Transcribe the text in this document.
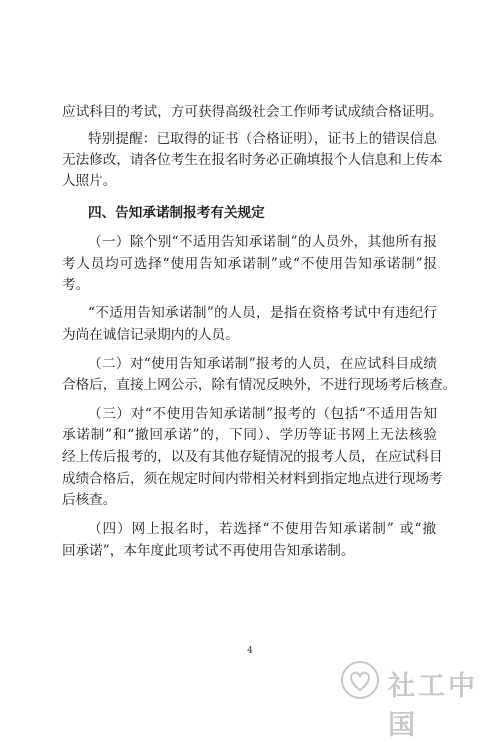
应试科目的考试，方可获得高级社会工作师考试成绩合格证明。
特别提醒：已取得的证书（合格证明），证书上的错误信息
无法修改，请各位考生在报名时务必正确填报个人信息和上传本
人照片。
四、告知承诺制报考有关规定
（一）除个别“不适用告知承诺制”的人员外，其他所有报
考人员均可选择“使用告知承诺制”或“不使用告知承诺制”报
考。
“不适用告知承诺制”的人员，是指在资格考试中有违纪行
为尚在诚信记录期内的人员。
（二）对“使用告知承诺制”报考的人员，在应试科目成绩
合格后，直接上网公示，除有情况反映外，不进行现场考后核查。
（三）对“不使用告知承诺制”报考的（包括“不适用告知
承诺制”和“撤回承诺”的，下同）、学历等证书网上无法核验
经上传后报考的，以及有其他存疑情况的报考人员，在应试科目
成绩合格后，须在规定时间内带相关材料到指定地点进行现场考
后核查。
（四）网上报名时，若选择“不使用告知承诺制” 或“撤
回承诺”，本年度此项考试不再使用告知承诺制。
4
社工中国
